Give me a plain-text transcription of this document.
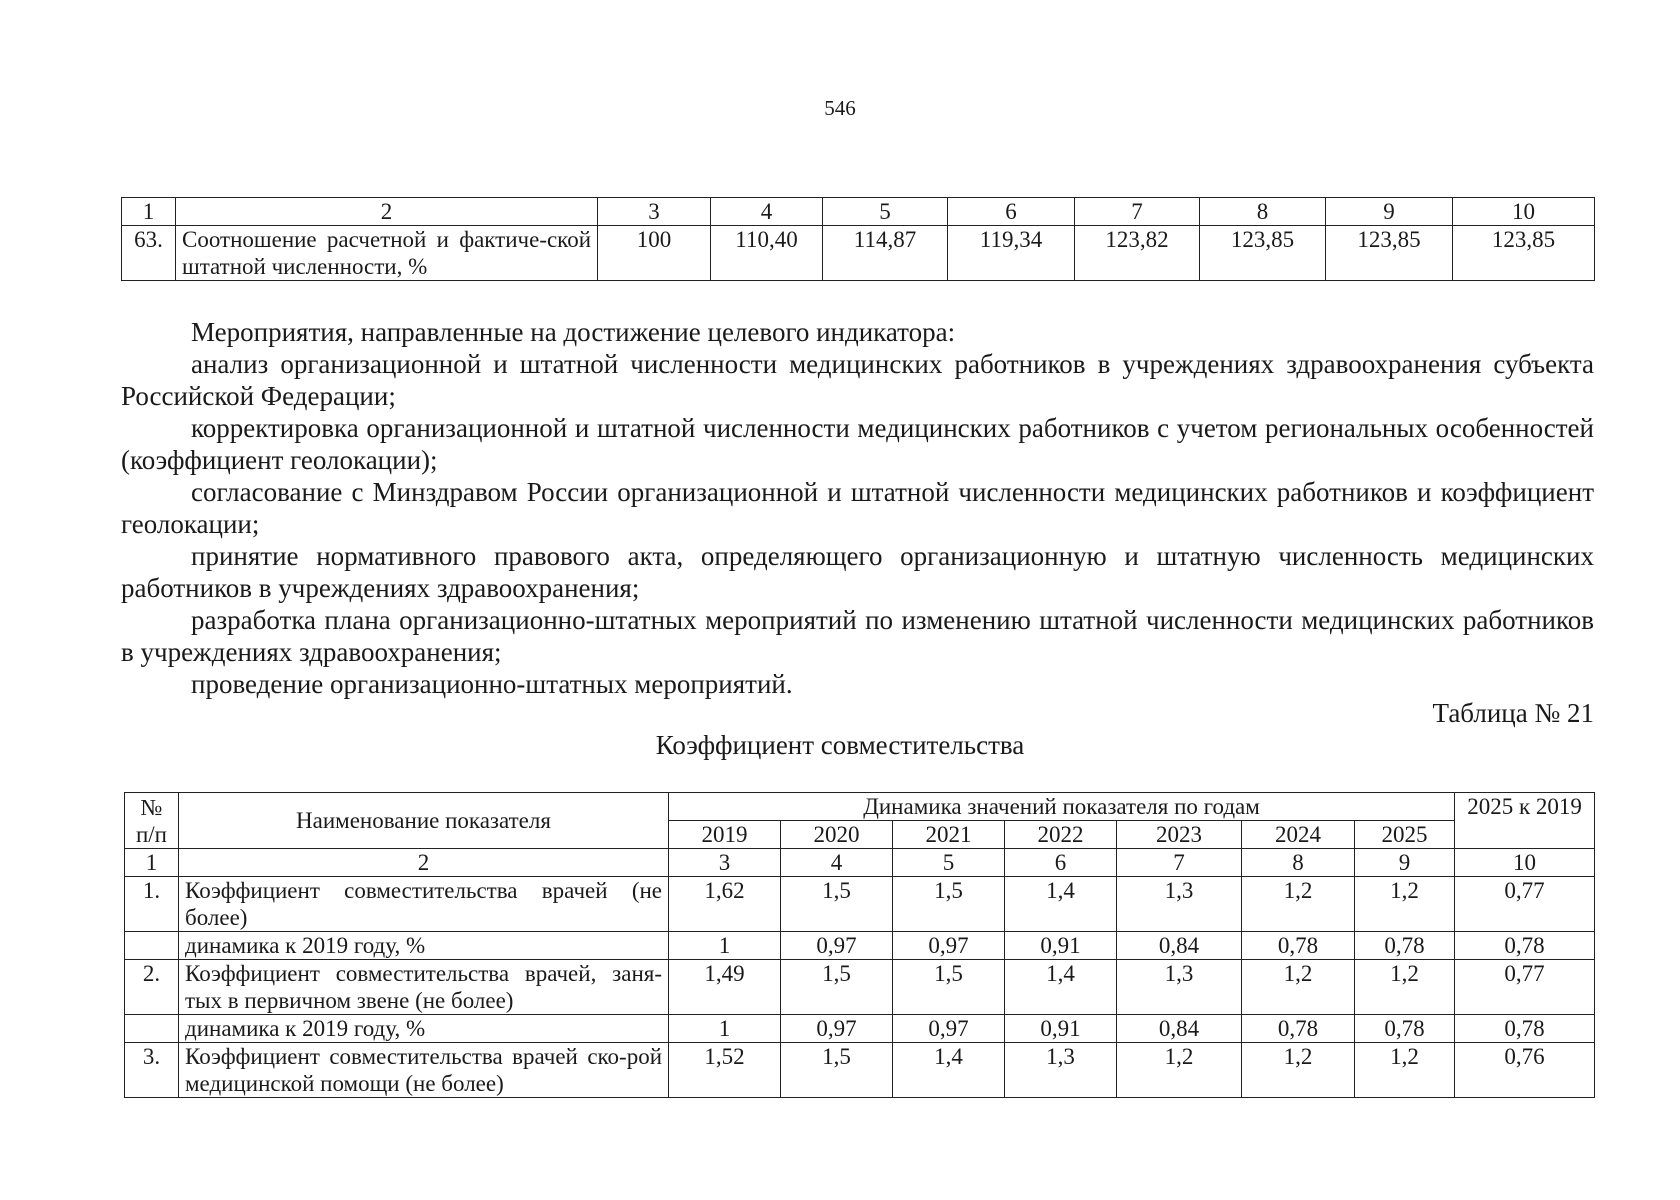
546
1	2	3	4	5	6	7	8	9	10
63.	Соотношение расчетной и фактиче-ской штатной численности, %	100	110,40	114,87	119,34	123,82	123,85	123,85	123,85

Мероприятия, направленные на достижение целевого индикатора:

анализ организационной и штатной численности медицинских работников в учреждениях здравоохранения субъекта Российской Федерации;

корректировка организационной и штатной численности медицинских работников с учетом региональных особенностей (коэффициент геолокации);

согласование с Минздравом России организационной и штатной численности медицинских работников и коэффициент геолокации;

принятие нормативного правового акта, определяющего организационную и штатную численность медицинских работников в учреждениях здравоохранения;

разработка плана организационно-штатных мероприятий по изменению штатной численности медицинских работников в учреждениях здравоохранения;

проведение организационно-штатных мероприятий.

Таблица № 21
Коэффициент совместительства
№ п/п	Наименование показателя	Динамика значений показателя по годам							2025 к 2019
		2019	2020	2021	2022	2023	2024	2025	
1	2	3	4	5	6	7	8	9	10
1.	Коэффициент совместительства врачей (не более)	1,62	1,5	1,5	1,4	1,3	1,2	1,2	0,77
	динамика к 2019 году, %	1	0,97	0,97	0,91	0,84	0,78	0,78	0,78
2.	Коэффициент совместительства врачей, заня-тых в первичном звене (не более)	1,49	1,5	1,5	1,4	1,3	1,2	1,2	0,77
	динамика к 2019 году, %	1	0,97	0,97	0,91	0,84	0,78	0,78	0,78
3.	Коэффициент совместительства врачей ско-рой медицинской помощи (не более)	1,52	1,5	1,4	1,3	1,2	1,2	1,2	0,76
